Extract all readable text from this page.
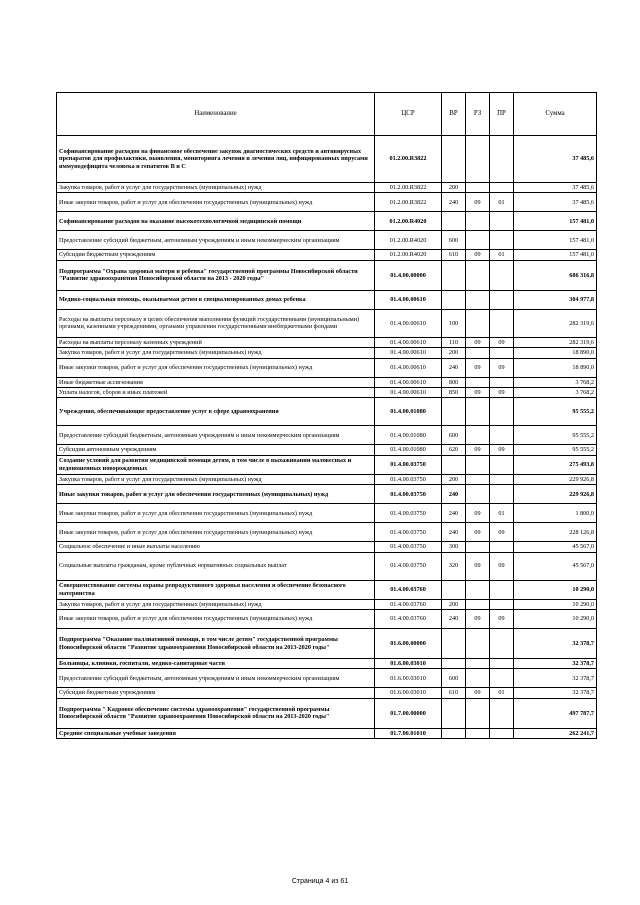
Наименование	ЦСР	ВР	РЗ	ПР	Сумма
Софинансирование расходов на финансовое обеспечение закупок диагностических средств и антивирусных препаратов для профилактики, выявления, мониторинга лечения и лечения лиц, инфицированных вирусами иммунодефицита человека и гепатитов B и C	01.2.00.R3822				37 485,6
Закупка товаров, работ и услуг для государственных (муниципальных) нужд	01.2.00.R3822	200			37 485,6
Иные закупки товаров, работ и услуг для обеспечения государственных (муниципальных) нужд	01.2.00.R3822	240	09	01	37 485,6
Софинансирование расходов на оказание высокотехнологичной медицинской помощи	01.2.00.R4020				157 481,0
Предоставление субсидий бюджетным, автономным учреждениям и иным некоммерческим организациям	01.2.00.R4020	600			157 481,0
Субсидии бюджетным учреждениям	01.2.00.R4020	610	09	01	157 481,0
Подпрограмма "Охрана здоровья матери и ребенка" государственной программы Новосибирской области "Развитие здравоохранения Новосибирской области на 2013 - 2020 годы"	01.4.00.00000				686 316,8
Медико-социальная помощь, оказываемая детям в специализированных домах ребенка	01.4.00.00610				304 977,8
Расходы на выплаты персоналу в целях обеспечения выполнения функций государственными (муниципальными) органами, казенными учреждениями, органами управления государственными внебюджетными фондами	01.4.00.00610	100			282 319,6
Расходы на выплаты персоналу казенных учреждений	01.4.00.00610	110	09	09	282 319,6
Закупка товаров, работ и услуг для государственных (муниципальных) нужд	01.4.00.00610	200			18 890,0
Иные закупки товаров, работ и услуг для обеспечения государственных (муниципальных) нужд	01.4.00.00610	240	09	09	18 890,0
Иные бюджетные ассигнования	01.4.00.00610	800			3 768,2
Уплата налогов, сборов и иных платежей	01.4.00.00610	850	09	09	3 768,2
Учреждения, обеспечивающие предоставление услуг в сфере здравоохранения	01.4.00.01080				95 555,2
Предоставление субсидий бюджетным, автономным учреждениям и иным некоммерческим организациям	01.4.00.01080	600			95 555,2
Субсидии автономным учреждениям	01.4.00.01080	620	09	09	95 555,2
Создание условий для развития медицинской помощи детям, в том числе в выхаживании маловесных и недоношенных новорожденных	01.4.00.03750				275 493,8
Закупка товаров, работ и услуг для государственных (муниципальных) нужд	01.4.00.03750	200			229 926,8
Иные закупки товаров, работ и услуг для обеспечения государственных (муниципальных) нужд	01.4.00.03750	240			229 926,8
Иные закупки товаров, работ и услуг для обеспечения государственных (муниципальных) нужд	01.4.00.03750	240	09	01	1 800,0
Иные закупки товаров, работ и услуг для обеспечения государственных (муниципальных) нужд	01.4.00.03750	240	09	09	228 126,8
Социальное обеспечение и иные выплаты населению	01.4.00.03750	300			45 567,0
Социальные выплаты гражданам, кроме публичных нормативных социальных выплат	01.4.00.03750	320	09	09	45 567,0
Совершенствование системы охраны репродуктивного здоровья населения и обеспечение безопасного материнства	01.4.00.03760				10 290,0
Закупка товаров, работ и услуг для государственных (муниципальных) нужд	01.4.00.03760	200			10 290,0
Иные закупки товаров, работ и услуг для обеспечения государственных (муниципальных) нужд	01.4.00.03760	240	09	09	10 290,0
Подпрограмма "Оказание паллиативной помощи, в том числе детям" государственной программы Новосибирской области "Развитие здравоохранения Новосибирской области на 2013-2020 годы"	01.6.00.00000				32 378,7
Больницы, клиники, госпитали, медико-санитарные части	01.6.00.03010				32 378,7
Предоставление субсидий бюджетным, автономным учреждениям и иным некоммерческим организациям	01.6.00.03010	600			32 378,7
Субсидии бюджетным учреждениям	01.6.00.03010	610	09	01	32 378,7
Подпрограмма " Кадровое обеспечение системы здравоохранения" государственной программы Новосибирской области "Развитие здравоохранения Новосибирской области на 2013-2020 годы"	01.7.00.00000				497 787,7
Средние специальные учебные заведения	01.7.00.01010				262 241,7
Страница 4 из 61
